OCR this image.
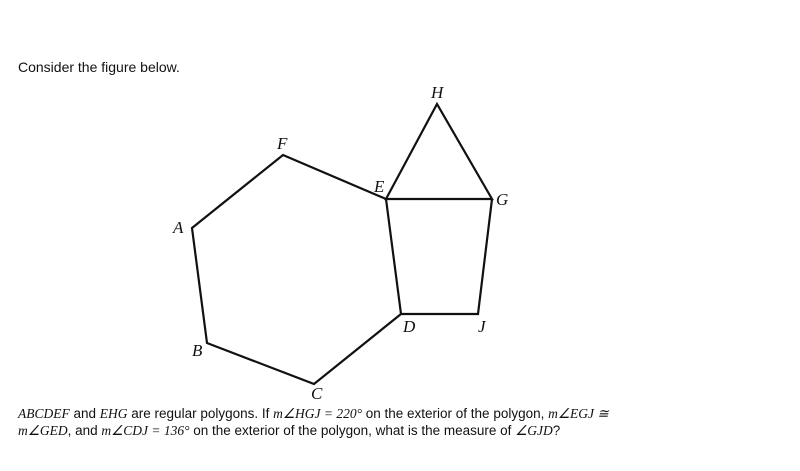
Consider the figure below.
H
F
E
G
A
D	J
B
C
ABCDEF and EHG are regular polygons. If m∠HGJ = 220° on the exterior of the polygon, m∠EGJ ≅
m∠GED, and m∠CDJ = 136° on the exterior of the polygon, what is the measure of ∠GJD?
